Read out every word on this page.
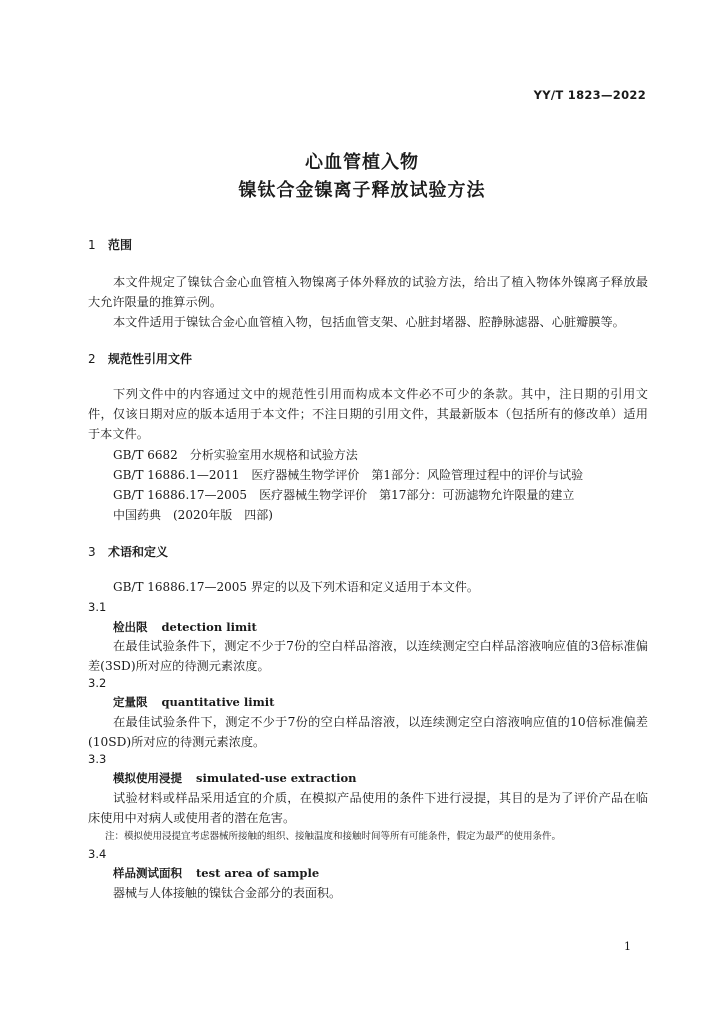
YY/T 1823—2022
心血管植入物
镍钛合金镍离子释放试验方法
1 范围
本文件规定了镍钛合金心血管植入物镍离子体外释放的试验方法，给出了植入物体外镍离子释放最大允许限量的推算示例。
本文件适用于镍钛合金心血管植入物，包括血管支架、心脏封堵器、腔静脉滤器、心脏瓣膜等。
2 规范性引用文件
下列文件中的内容通过文中的规范性引用而构成本文件必不可少的条款。其中，注日期的引用文件，仅该日期对应的版本适用于本文件；不注日期的引用文件，其最新版本（包括所有的修改单）适用于本文件。
GB/T 6682　分析实验室用水规格和试验方法
GB/T 16886.1—2011　医疗器械生物学评价　第1部分：风险管理过程中的评价与试验
GB/T 16886.17—2005　医疗器械生物学评价　第17部分：可沥滤物允许限量的建立
中国药典　(2020年版　四部)
3 术语和定义
GB/T 16886.17—2005 界定的以及下列术语和定义适用于本文件。
3.1
检出限 detection limit
在最佳试验条件下，测定不少于7份的空白样品溶液，以连续测定空白样品溶液响应值的3倍标准偏差(3SD)所对应的待测元素浓度。
3.2
定量限 quantitative limit
在最佳试验条件下，测定不少于7份的空白样品溶液，以连续测定空白溶液响应值的10倍标准偏差(10SD)所对应的待测元素浓度。
3.3
模拟使用浸提 simulated-use extraction
试验材料或样品采用适宜的介质，在模拟产品使用的条件下进行浸提，其目的是为了评价产品在临床使用中对病人或使用者的潜在危害。
注：模拟使用浸提宜考虑器械所接触的组织、接触温度和接触时间等所有可能条件，假定为最严的使用条件。
3.4
样品测试面积 test area of sample
器械与人体接触的镍钛合金部分的表面积。
1
